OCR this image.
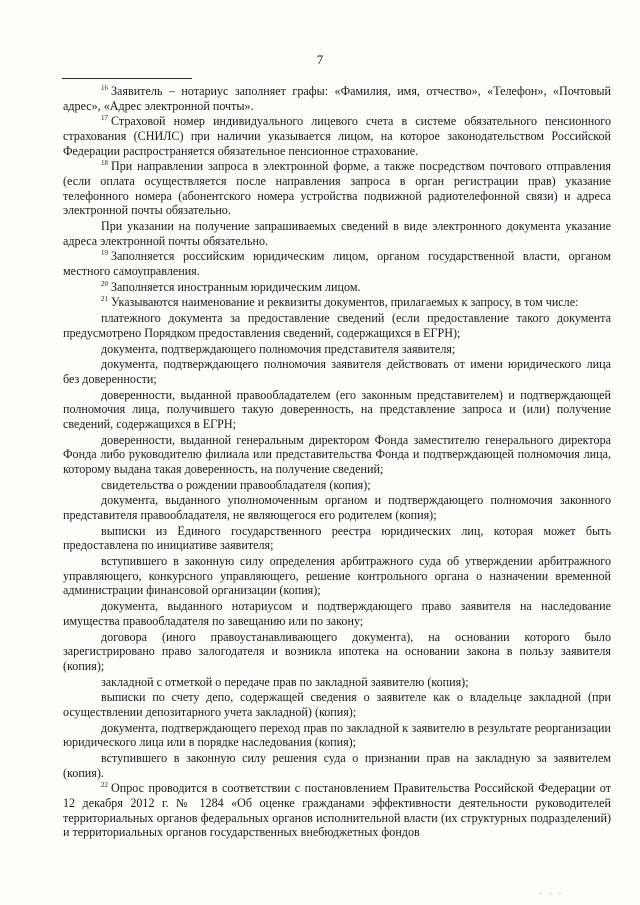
7

$^{16}$ Заявитель – нотариус заполняет графы: «Фамилия, имя, отчество», «Телефон», «Почтовый адрес», «Адрес электронной почты».

$^{17}$ Страховой номер индивидуального лицевого счета в системе обязательного пенсионного страхования (СНИЛС) при наличии указывается лицом, на которое законодательством Российской Федерации распространяется обязательное пенсионное страхование.

$^{18}$ При направлении запроса в электронной форме, а также посредством почтового отправления (если оплата осуществляется после направления запроса в орган регистрации прав) указание телефонного номера (абонентского номера устройства подвижной радиотелефонной связи) и адреса электронной почты обязательно.

При указании на получение запрашиваемых сведений в виде электронного документа указание адреса электронной почты обязательно.

$^{19}$ Заполняется российским юридическим лицом, органом государственной власти, органом местного самоуправления.

$^{20}$ Заполняется иностранным юридическим лицом.

$^{21}$ Указываются наименование и реквизиты документов, прилагаемых к запросу, в том числе:

платежного документа за предоставление сведений (если предоставление такого документа предусмотрено Порядком предоставления сведений, содержащихся в ЕГРН);

документа, подтверждающего полномочия представителя заявителя;

документа, подтверждающего полномочия заявителя действовать от имени юридического лица без доверенности;

доверенности, выданной правообладателем (его законным представителем) и подтверждающей полномочия лица, получившего такую доверенность, на представление запроса и (или) получение сведений, содержащихся в ЕГРН;

доверенности, выданной генеральным директором Фонда заместителю генерального директора Фонда либо руководителю филиала или представительства Фонда и подтверждающей полномочия лица, которому выдана такая доверенность, на получение сведений;

свидетельства о рождении правообладателя (копия);

документа, выданного уполномоченным органом и подтверждающего полномочия законного представителя правообладателя, не являющегося его родителем (копия);

выписки из Единого государственного реестра юридических лиц, которая может быть предоставлена по инициативе заявителя;

вступившего в законную силу определения арбитражного суда об утверждении арбитражного управляющего, конкурсного управляющего, решение контрольного органа о назначении временной администрации финансовой организации (копия);

документа, выданного нотариусом и подтверждающего право заявителя на наследование имущества правообладателя по завещанию или по закону;

договора (иного правоустанавливающего документа), на основании которого было зарегистрировано право залогодателя и возникла ипотека на основании закона в пользу заявителя (копия);

закладной с отметкой о передаче прав по закладной заявителю (копия);

выписки по счету депо, содержащей сведения о заявителе как о владельце закладной (при осуществлении депозитарного учета закладной) (копия);

документа, подтверждающего переход прав по закладной к заявителю в результате реорганизации юридического лица или в порядке наследования (копия);

вступившего в законную силу решения суда о признании прав на закладную за заявителем (копия).

$^{22}$ Опрос проводится в соответствии с постановлением Правительства Российской Федерации от 12 декабря 2012 г. № 1284 «Об оценке гражданами эффективности деятельности руководителей территориальных органов федеральных органов исполнительной власти (их структурных подразделений) и территориальных органов государственных внебюджетных фондов

. . .
